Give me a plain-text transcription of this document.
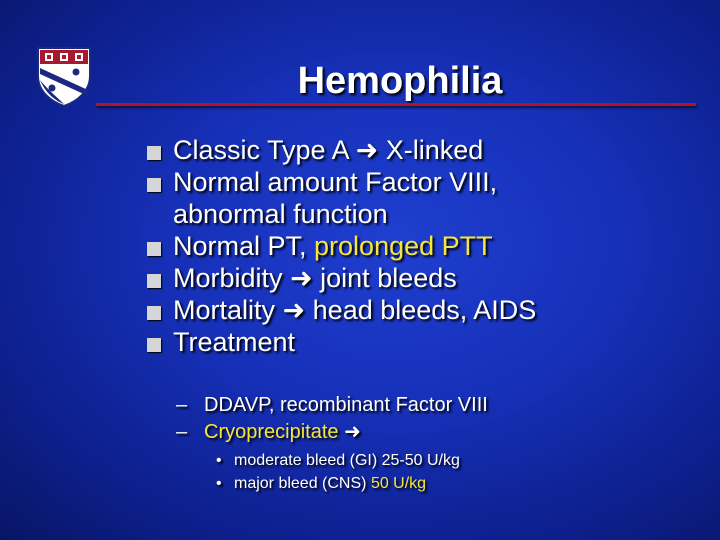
Hemophilia
Classic Type A ➜ X-linked
Normal amount Factor VIII,
abnormal function
Normal PT, prolonged PTT
Morbidity ➜ joint bleeds
Mortality ➜ head bleeds, AIDS
Treatment
– DDAVP, recombinant Factor VIII
– Cryoprecipitate ➜
• moderate bleed (GI) 25-50 U/kg
• major bleed (CNS) 50 U/kg
